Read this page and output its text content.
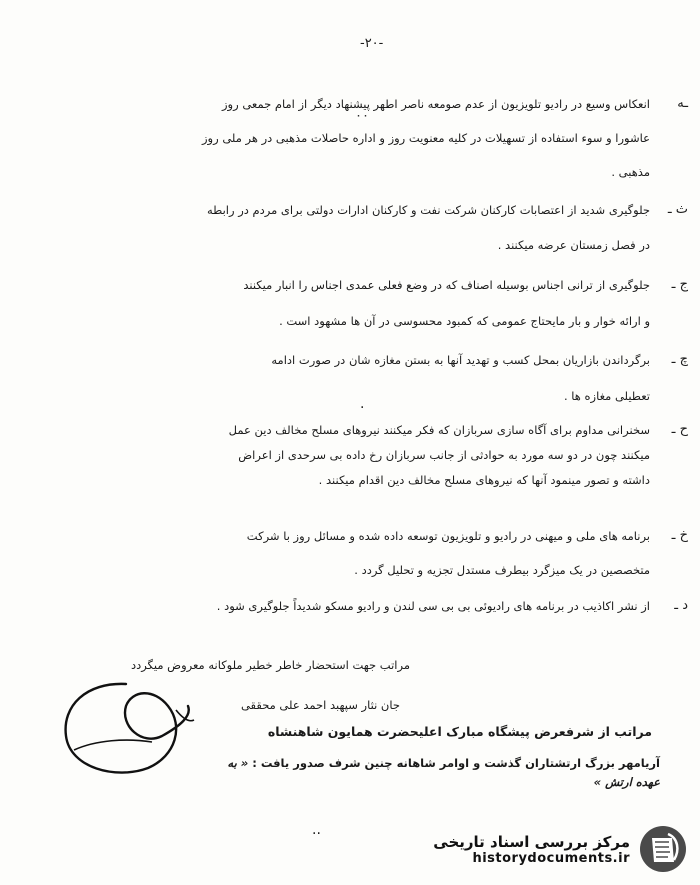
-۲۰-
˙˙
·
ـه
انعکاس وسیع در رادیو تلویزیون از عدم صومعه ناصر اطهر پیشنهاد دیگر از امام جمعی روز
عاشورا و سوء استفاده از تسهیلات در کلیه معنویت روز و اداره حاصلات مذهبی در هر ملی روز
مذهبی .
ث ـ
جلوگیری شدید از اعتصابات کارکنان شرکت نفت و کارکنان ادارات دولتی برای مردم در رابطه
در فصل زمستان عرضه میکنند .
ج ـ
جلوگیری از ترانی اجناس بوسیله اصناف که در وضع فعلی عمدی اجناس را انبار میکنند
و ارائه خوار و بار مایحتاج عمومی که کمبود محسوسی در آن ها مشهود است .
چ ـ
برگرداندن بازاریان بمحل کسب و تهدید آنها به بستن مغازه شان در صورت ادامه
تعطیلی مغازه ها .
ح ـ
سخنرانی مداوم برای آگاه سازی سربازان که فکر میکنند نیروهای مسلح مخالف دین عمل
میکنند چون در دو سه مورد به حوادثی از جانب سربازان رخ داده بی سرحدی از اعراض
داشته و تصور مینمود آنها که نیروهای مسلح مخالف دین اقدام میکنند .
خ ـ
برنامه های ملی و میهنی در رادیو و تلویزیون توسعه داده شده و مسائل روز با شرکت
متخصصین در یک میزگرد بیطرف مستدل تجزیه و تحلیل گردد .
د ـ
از نشر اکاذیب در برنامه های رادیوئی بی بی سی لندن و رادیو مسکو شدیداً جلوگیری شود .
مراتب جهت استحضار خاطر خطیر ملوکانه معروض میگردد
جان نثار سپهبد احمد علی محققی
مراتب از شرفعرض پیشگاه مبارک اعلیحضرت همایون شاهنشاه
آریامهر بزرگ ارتشتاران گذشت و اوامر شاهانه چنین شرف صدور یافت : « به عهده ارتش »
··	مرکز بررسی اسناد تاریخی
historydocuments.ir
